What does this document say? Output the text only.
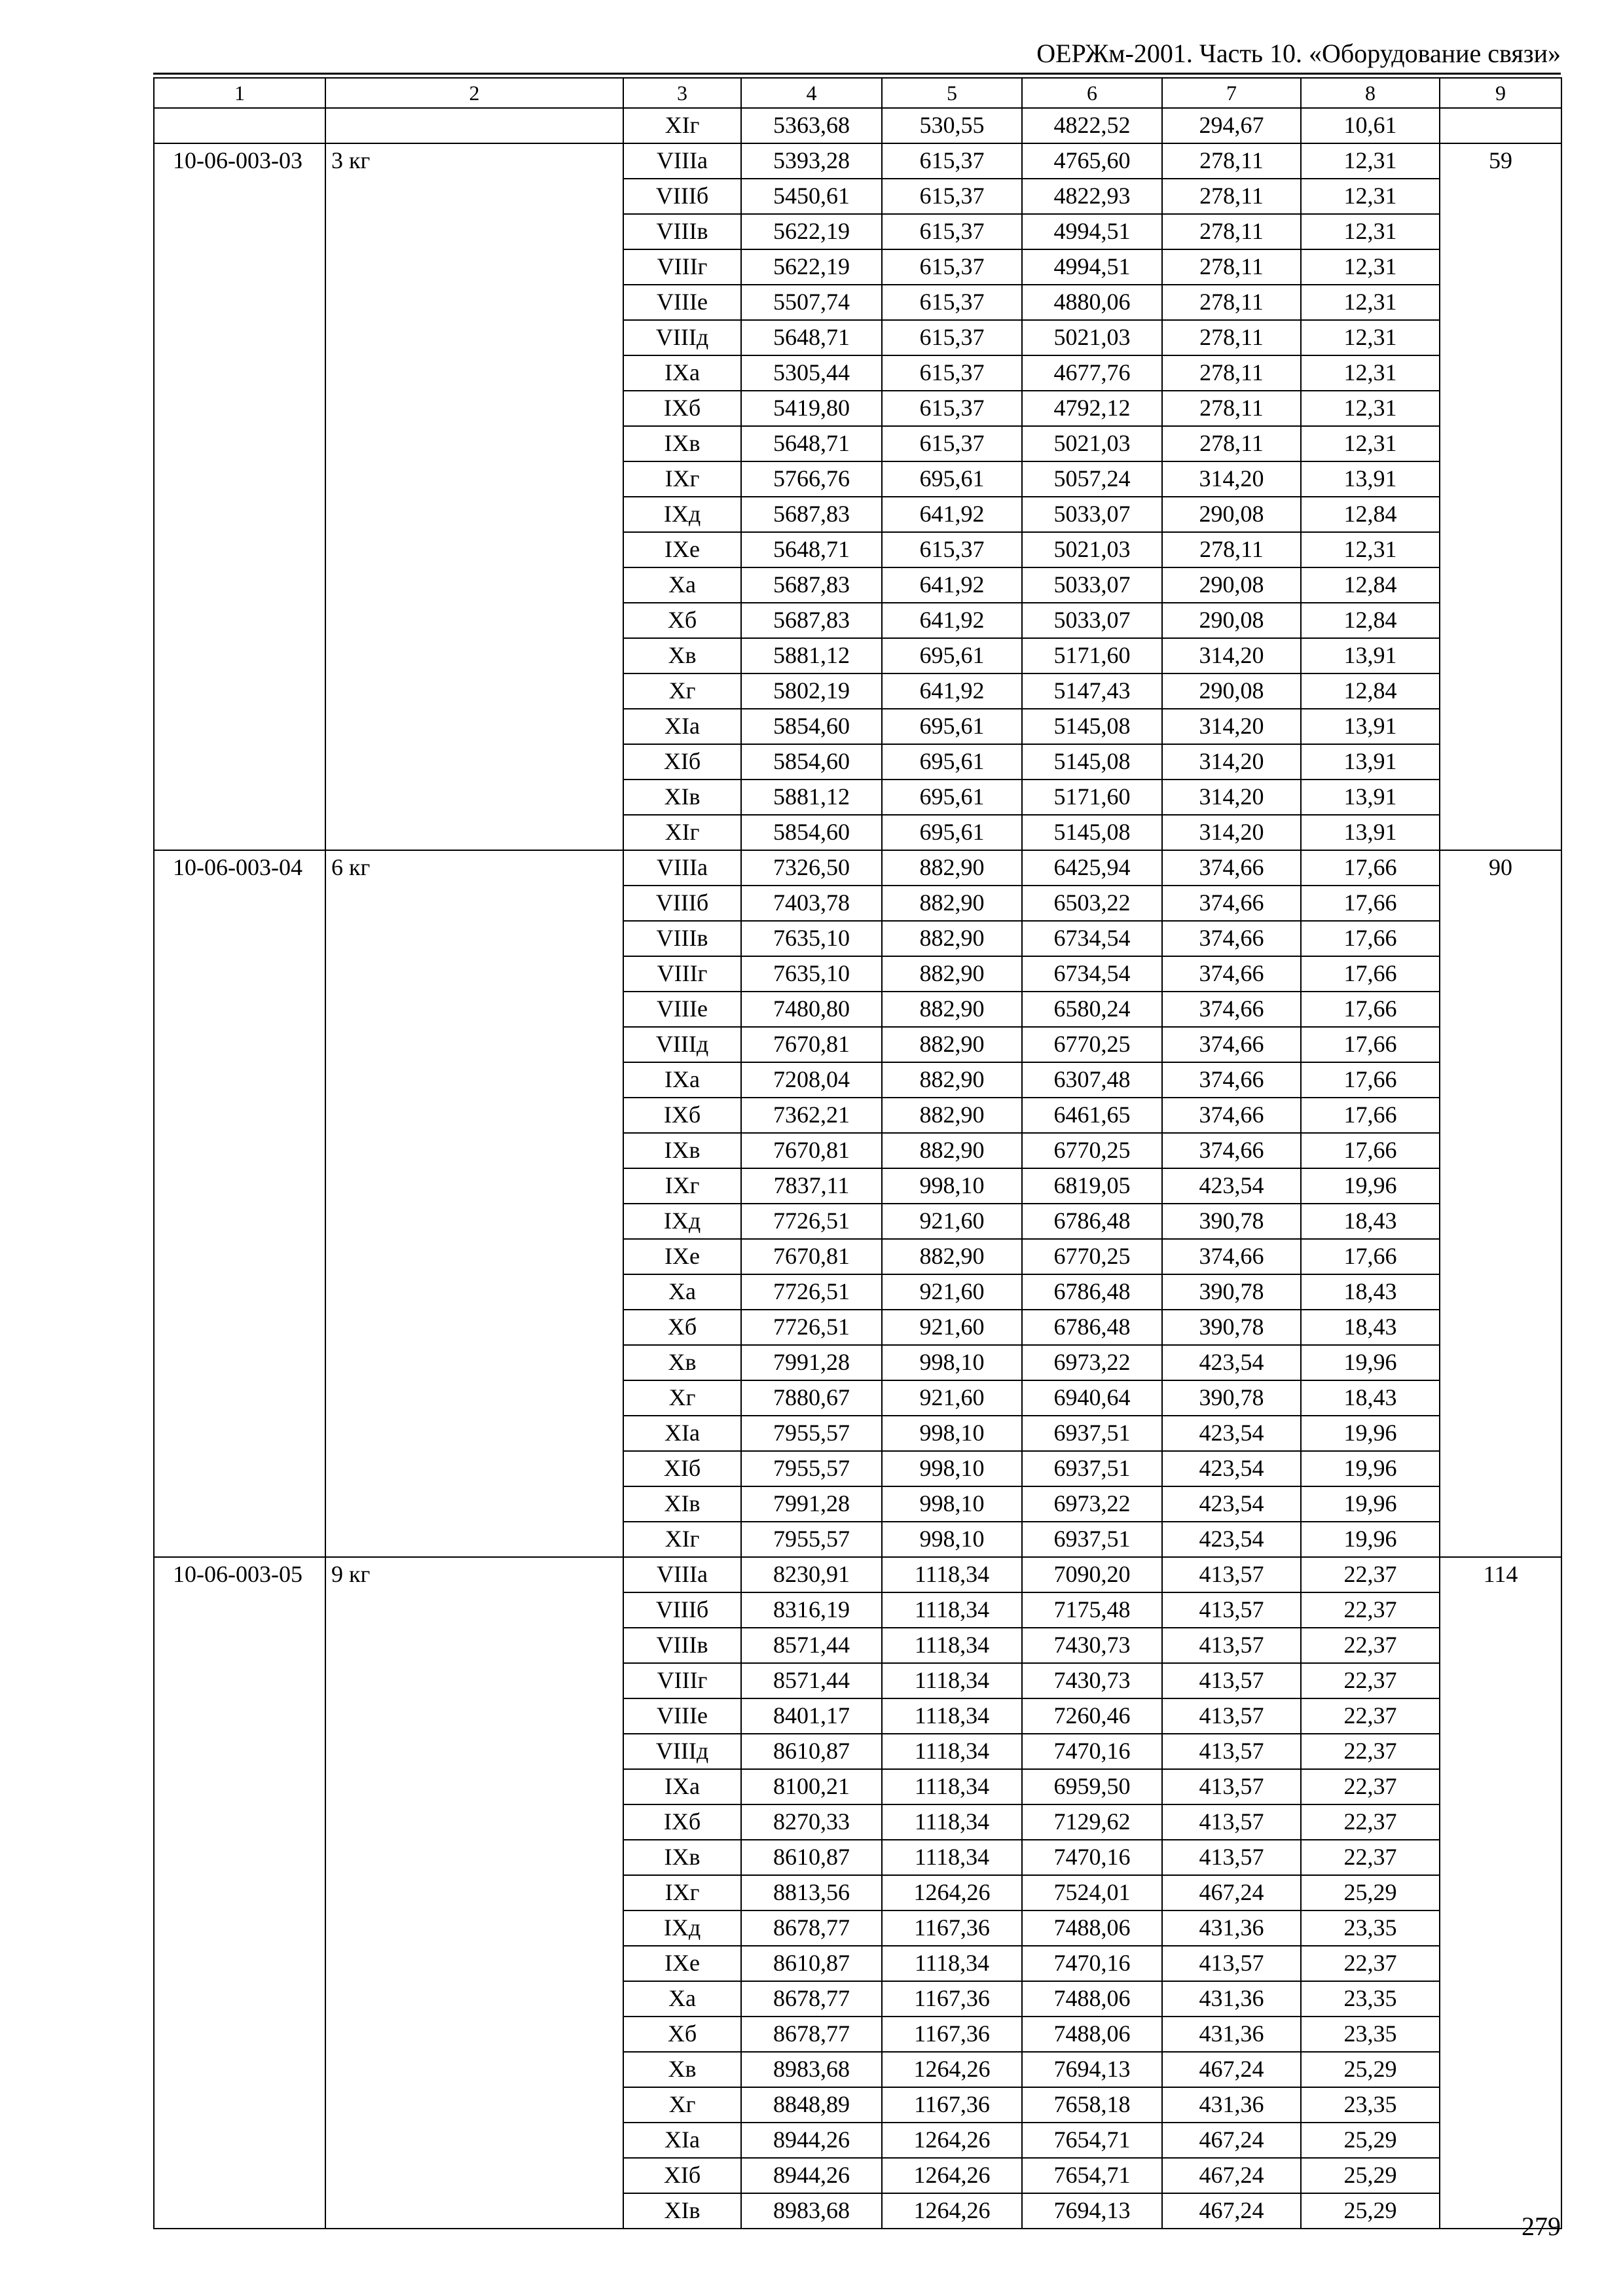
ОЕРЖм-2001. Часть 10. «Оборудование связи»
1	2	3	4	5	6	7	8	9
		XIг	5363,68	530,55	4822,52	294,67	10,61	
10-06-003-03	3 кг	VIIIа	5393,28	615,37	4765,60	278,11	12,31	59
		VIIIб	5450,61	615,37	4822,93	278,11	12,31	
		VIIIв	5622,19	615,37	4994,51	278,11	12,31	
		VIIIг	5622,19	615,37	4994,51	278,11	12,31	
		VIIIе	5507,74	615,37	4880,06	278,11	12,31	
		VIIIд	5648,71	615,37	5021,03	278,11	12,31	
		IXа	5305,44	615,37	4677,76	278,11	12,31	
		IXб	5419,80	615,37	4792,12	278,11	12,31	
		IXв	5648,71	615,37	5021,03	278,11	12,31	
		IXг	5766,76	695,61	5057,24	314,20	13,91	
		IXд	5687,83	641,92	5033,07	290,08	12,84	
		IXе	5648,71	615,37	5021,03	278,11	12,31	
		Xа	5687,83	641,92	5033,07	290,08	12,84	
		Xб	5687,83	641,92	5033,07	290,08	12,84	
		Xв	5881,12	695,61	5171,60	314,20	13,91	
		Xг	5802,19	641,92	5147,43	290,08	12,84	
		XIа	5854,60	695,61	5145,08	314,20	13,91	
		XIб	5854,60	695,61	5145,08	314,20	13,91	
		XIв	5881,12	695,61	5171,60	314,20	13,91	
		XIг	5854,60	695,61	5145,08	314,20	13,91	
10-06-003-04	6 кг	VIIIа	7326,50	882,90	6425,94	374,66	17,66	90
		VIIIб	7403,78	882,90	6503,22	374,66	17,66	
		VIIIв	7635,10	882,90	6734,54	374,66	17,66	
		VIIIг	7635,10	882,90	6734,54	374,66	17,66	
		VIIIе	7480,80	882,90	6580,24	374,66	17,66	
		VIIIд	7670,81	882,90	6770,25	374,66	17,66	
		IXа	7208,04	882,90	6307,48	374,66	17,66	
		IXб	7362,21	882,90	6461,65	374,66	17,66	
		IXв	7670,81	882,90	6770,25	374,66	17,66	
		IXг	7837,11	998,10	6819,05	423,54	19,96	
		IXд	7726,51	921,60	6786,48	390,78	18,43	
		IXе	7670,81	882,90	6770,25	374,66	17,66	
		Xа	7726,51	921,60	6786,48	390,78	18,43	
		Xб	7726,51	921,60	6786,48	390,78	18,43	
		Xв	7991,28	998,10	6973,22	423,54	19,96	
		Xг	7880,67	921,60	6940,64	390,78	18,43	
		XIа	7955,57	998,10	6937,51	423,54	19,96	
		XIб	7955,57	998,10	6937,51	423,54	19,96	
		XIв	7991,28	998,10	6973,22	423,54	19,96	
		XIг	7955,57	998,10	6937,51	423,54	19,96	
10-06-003-05	9 кг	VIIIа	8230,91	1118,34	7090,20	413,57	22,37	114
		VIIIб	8316,19	1118,34	7175,48	413,57	22,37	
		VIIIв	8571,44	1118,34	7430,73	413,57	22,37	
		VIIIг	8571,44	1118,34	7430,73	413,57	22,37	
		VIIIе	8401,17	1118,34	7260,46	413,57	22,37	
		VIIIд	8610,87	1118,34	7470,16	413,57	22,37	
		IXа	8100,21	1118,34	6959,50	413,57	22,37	
		IXб	8270,33	1118,34	7129,62	413,57	22,37	
		IXв	8610,87	1118,34	7470,16	413,57	22,37	
		IXг	8813,56	1264,26	7524,01	467,24	25,29	
		IXд	8678,77	1167,36	7488,06	431,36	23,35	
		IXе	8610,87	1118,34	7470,16	413,57	22,37	
		Xа	8678,77	1167,36	7488,06	431,36	23,35	
		Xб	8678,77	1167,36	7488,06	431,36	23,35	
		Xв	8983,68	1264,26	7694,13	467,24	25,29	
		Xг	8848,89	1167,36	7658,18	431,36	23,35	
		XIа	8944,26	1264,26	7654,71	467,24	25,29	
		XIб	8944,26	1264,26	7654,71	467,24	25,29	
		XIв	8983,68	1264,26	7694,13	467,24	25,29	
279
